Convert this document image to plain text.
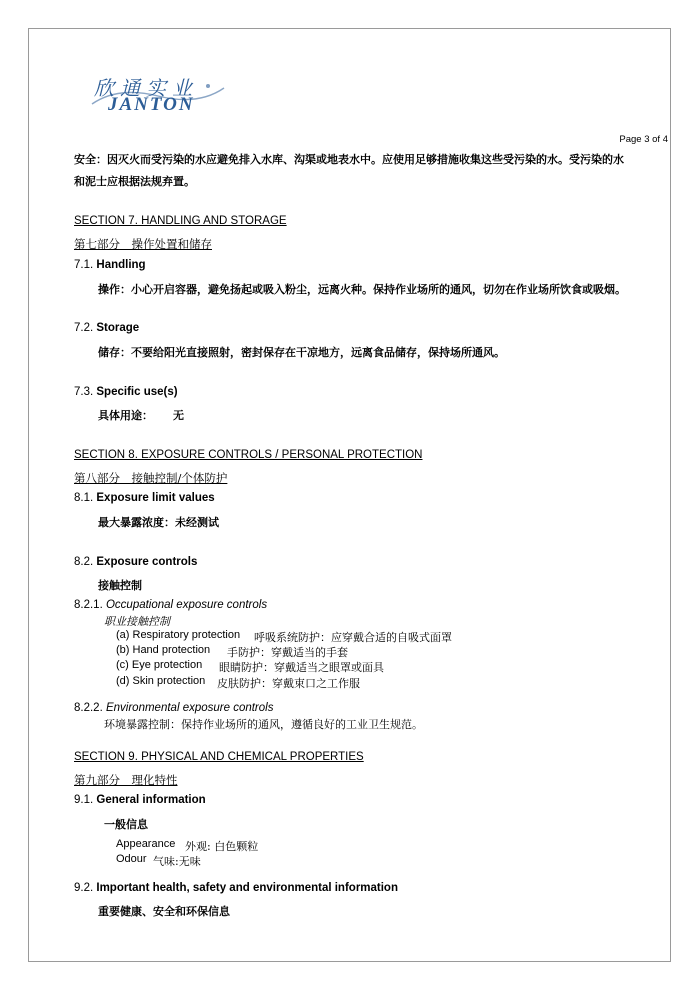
欣通实业
JANTON
Page 3 of 4
安全：因灭火而受污染的水应避免排入水库、沟渠或地表水中。应使用足够措施收集这些受污染的水。受污染的水
和泥士应根据法规弃置。
SECTION 7. HANDLING AND STORAGE
第七部分　操作处置和储存
7.1. Handling
操作：小心开启容器，避免扬起或吸入粉尘，远离火种。保持作业场所的通风，切勿在作业场所饮食或吸烟。
7.2. Storage
储存：不要给阳光直接照射，密封保存在干凉地方，远离食品储存，保持场所通风。
7.3. Specific use(s)
具体用途： 无
SECTION 8. EXPOSURE CONTROLS / PERSONAL PROTECTION
第八部分　接触控制/个体防护
8.1. Exposure limit values
最大暴露浓度：未经测试
8.2. Exposure controls
接触控制
8.2.1. Occupational exposure controls
职业接触控制
(a) Respiratory protection 呼吸系统防护：应穿戴合适的自吸式面罩
(b) Hand protection 手防护：穿戴适当的手套
(c) Eye protection 眼睛防护：穿戴适当之眼罩或面具
(d) Skin protection 皮肤防护：穿戴束口之工作服
8.2.2. Environmental exposure controls
环境暴露控制：保持作业场所的通风，遵循良好的工业卫生规范。
SECTION 9. PHYSICAL AND CHEMICAL PROPERTIES
第九部分　理化特性
9.1. General information
一般信息
Appearance 外观: 白色颗粒
Odour 气味:无味
9.2. Important health, safety and environmental information
重要健康、安全和环保信息
